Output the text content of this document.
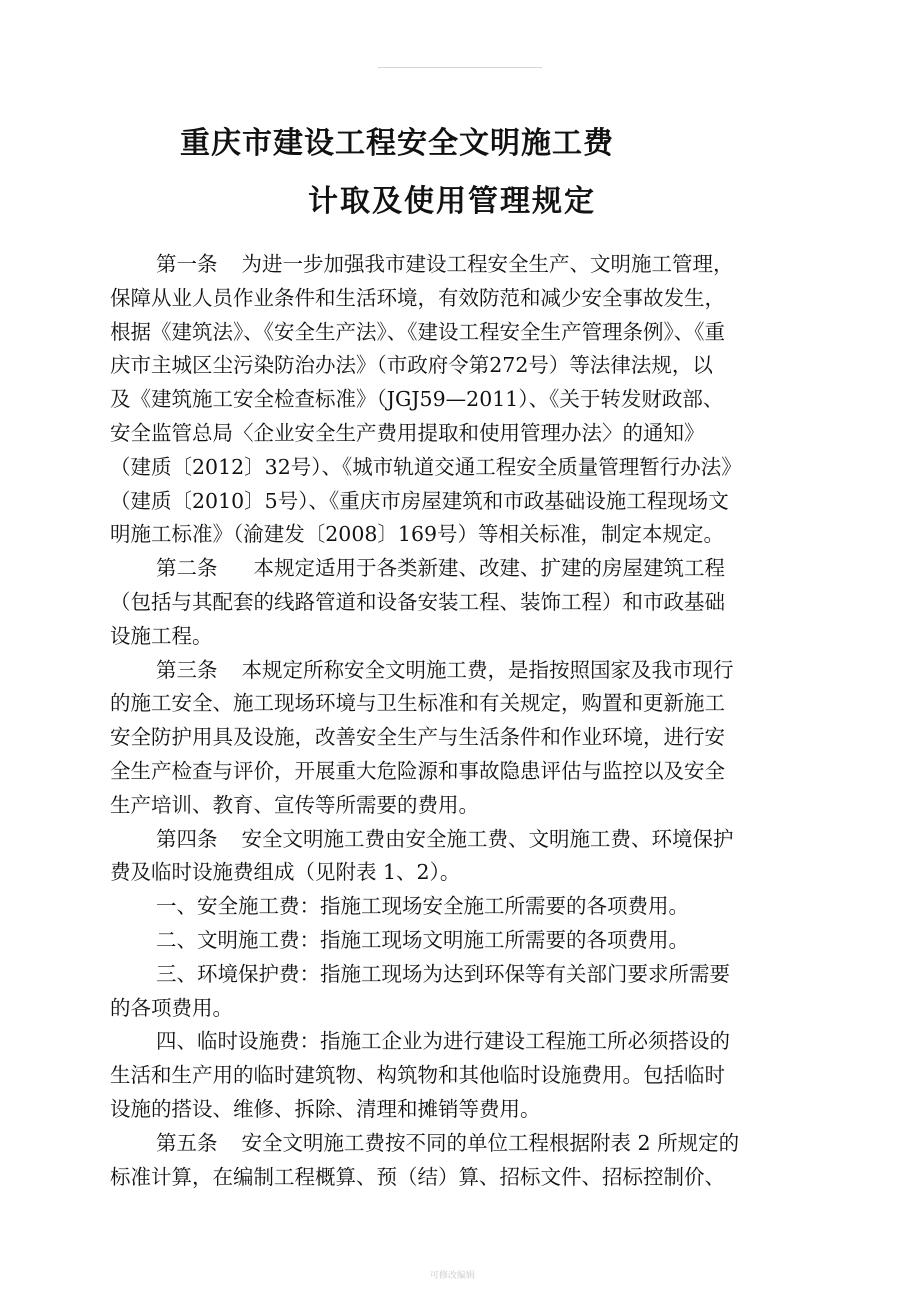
重庆市建设工程安全文明施工费
计取及使用管理规定
第一条 为进一步加强我市建设工程安全生产、文明施工管理，
保障从业人员作业条件和生活环境，有效防范和减少安全事故发生，
根据《建筑法》、《安全生产法》、《建设工程安全生产管理条例》、《重
庆市主城区尘污染防治办法》（市政府令第272号）等法律法规，以
及《建筑施工安全检查标准》（JGJ59—2011）、《关于转发财政部、
安全监管总局〈企业安全生产费用提取和使用管理办法〉的通知》
（建质〔2012〕32号）、《城市轨道交通工程安全质量管理暂行办法》
（建质〔2010〕5号）、《重庆市房屋建筑和市政基础设施工程现场文
明施工标准》（渝建发〔2008〕169号）等相关标准，制定本规定。
第二条 本规定适用于各类新建、改建、扩建的房屋建筑工程
（包括与其配套的线路管道和设备安装工程、装饰工程）和市政基础
设施工程。
第三条 本规定所称安全文明施工费，是指按照国家及我市现行
的施工安全、施工现场环境与卫生标准和有关规定，购置和更新施工
安全防护用具及设施，改善安全生产与生活条件和作业环境，进行安
全生产检查与评价，开展重大危险源和事故隐患评估与监控以及安全
生产培训、教育、宣传等所需要的费用。
第四条 安全文明施工费由安全施工费、文明施工费、环境保护
费及临时设施费组成（见附表 1、2）。
一、安全施工费：指施工现场安全施工所需要的各项费用。
二、文明施工费：指施工现场文明施工所需要的各项费用。
三、环境保护费：指施工现场为达到环保等有关部门要求所需要
的各项费用。
四、临时设施费：指施工企业为进行建设工程施工所必须搭设的
生活和生产用的临时建筑物、构筑物和其他临时设施费用。包括临时
设施的搭设、维修、拆除、清理和摊销等费用。
第五条 安全文明施工费按不同的单位工程根据附表 2 所规定的
标准计算，在编制工程概算、预（结）算、招标文件、招标控制价、
可修改编辑
